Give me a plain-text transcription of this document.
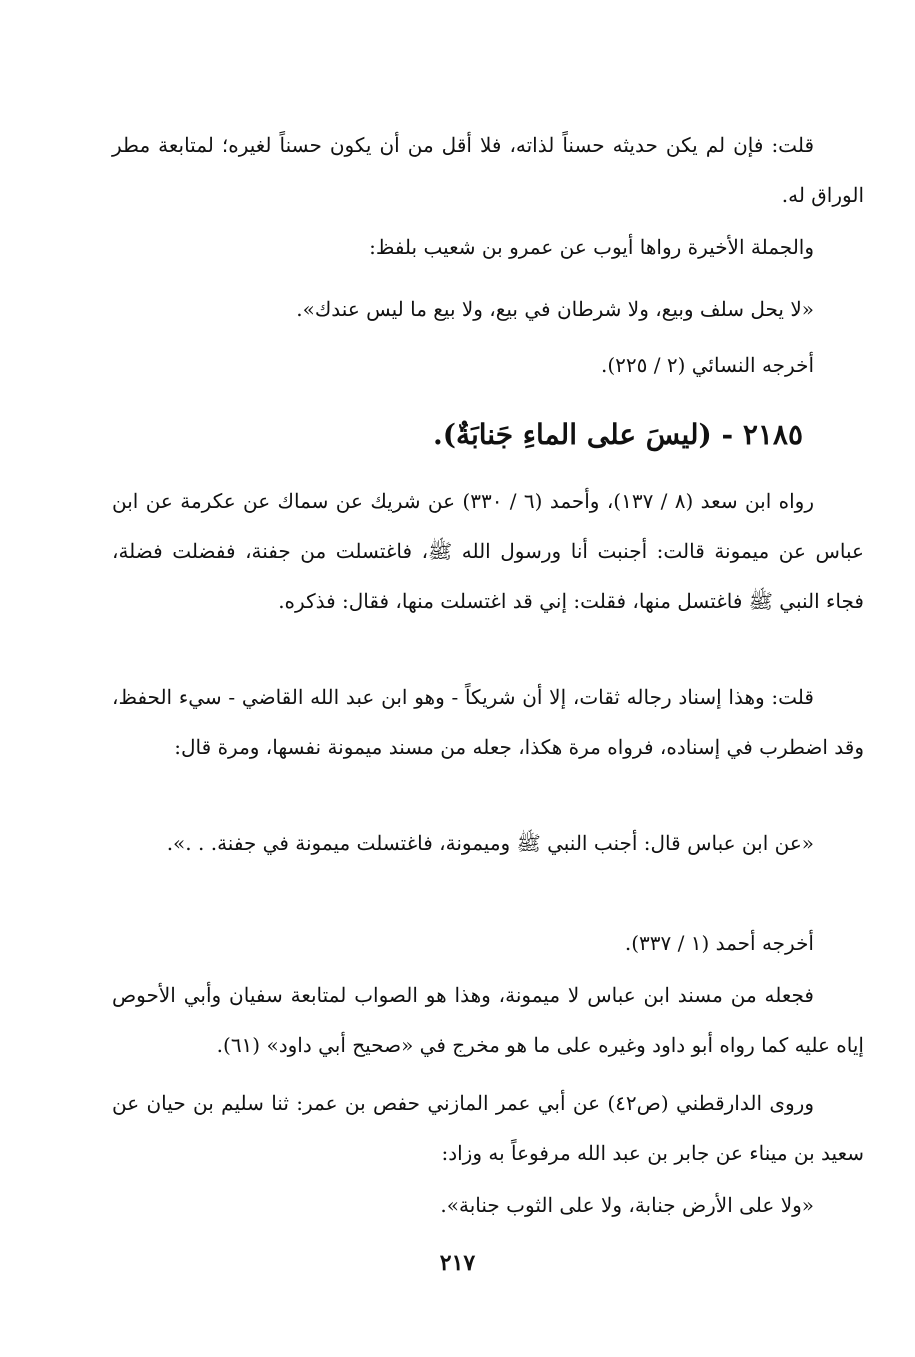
قلت: فإن لم يكن حديثه حسناً لذاته، فلا أقل من أن يكون حسناً لغيره؛ لمتابعة مطر الوراق له.

والجملة الأخيرة رواها أيوب عن عمرو بن شعيب بلفظ:

«لا يحل سلف وبيع، ولا شرطان في بيع، ولا بيع ما ليس عندك».

أخرجه النسائي (٢ / ٢٢٥).

٢١٨٥ - (ليسَ على الماءِ جَنابَةٌ).

رواه ابن سعد (٨ / ١٣٧)، وأحمد (٦ / ٣٣٠) عن شريك عن سماك عن عكرمة عن ابن عباس عن ميمونة قالت: أجنبت أنا ورسول الله ﷺ، فاغتسلت من جفنة، ففضلت فضلة، فجاء النبي ﷺ فاغتسل منها، فقلت: إني قد اغتسلت منها، فقال: فذكره.

قلت: وهذا إسناد رجاله ثقات، إلا أن شريكاً - وهو ابن عبد الله القاضي - سيء الحفظ، وقد اضطرب في إسناده، فرواه مرة هكذا، جعله من مسند ميمونة نفسها، ومرة قال:

«عن ابن عباس قال: أجنب النبي ﷺ وميمونة، فاغتسلت ميمونة في جفنة. . .».

أخرجه أحمد (١ / ٣٣٧).

فجعله من مسند ابن عباس لا ميمونة، وهذا هو الصواب لمتابعة سفيان وأبي الأحوص إياه عليه كما رواه أبو داود وغيره على ما هو مخرج في «صحيح أبي داود» (٦١).

وروى الدارقطني (ص٤٢) عن أبي عمر المازني حفص بن عمر: ثنا سليم بن حيان عن سعيد بن ميناء عن جابر بن عبد الله مرفوعاً به وزاد:

«ولا على الأرض جنابة، ولا على الثوب جنابة».

٢١٧
